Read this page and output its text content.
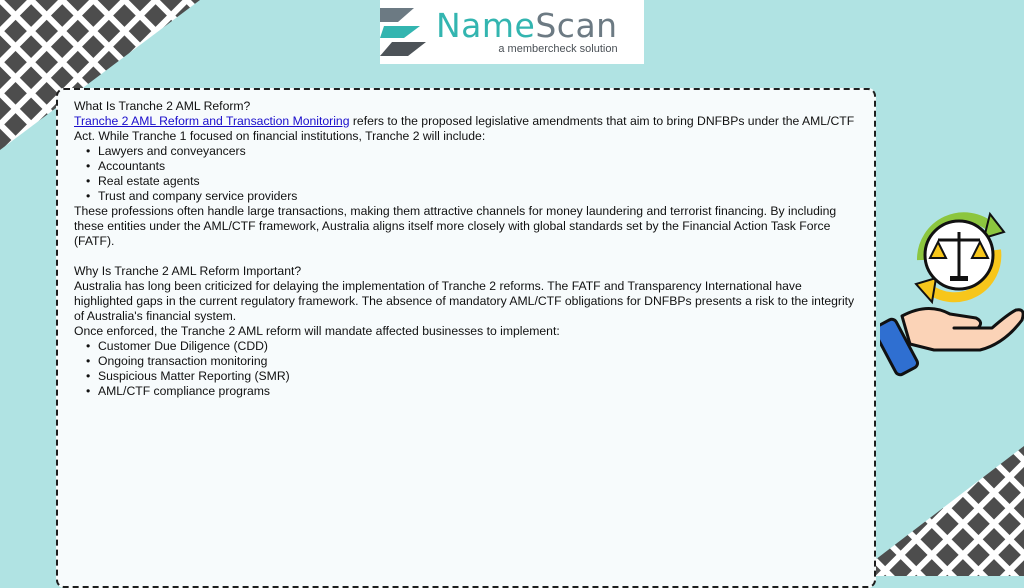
NameScan
a membercheck solution

What Is Tranche 2 AML Reform?

Tranche 2 AML Reform and Transaction Monitoring refers to the proposed legislative amendments that aim to bring DNFBPs under the AML/CTF Act. While Tranche 1 focused on financial institutions, Tranche 2 will include:

• Lawyers and conveyancers
• Accountants
• Real estate agents
• Trust and company service providers

These professions often handle large transactions, making them attractive channels for money laundering and terrorist financing. By including these entities under the AML/CTF framework, Australia aligns itself more closely with global standards set by the Financial Action Task Force (FATF).

Why Is Tranche 2 AML Reform Important?

Australia has long been criticized for delaying the implementation of Tranche 2 reforms. The FATF and Transparency International have highlighted gaps in the current regulatory framework. The absence of mandatory AML/CTF obligations for DNFBPs presents a risk to the integrity of Australia's financial system.

Once enforced, the Tranche 2 AML reform will mandate affected businesses to implement:

• Customer Due Diligence (CDD)
• Ongoing transaction monitoring
• Suspicious Matter Reporting (SMR)
• AML/CTF compliance programs
